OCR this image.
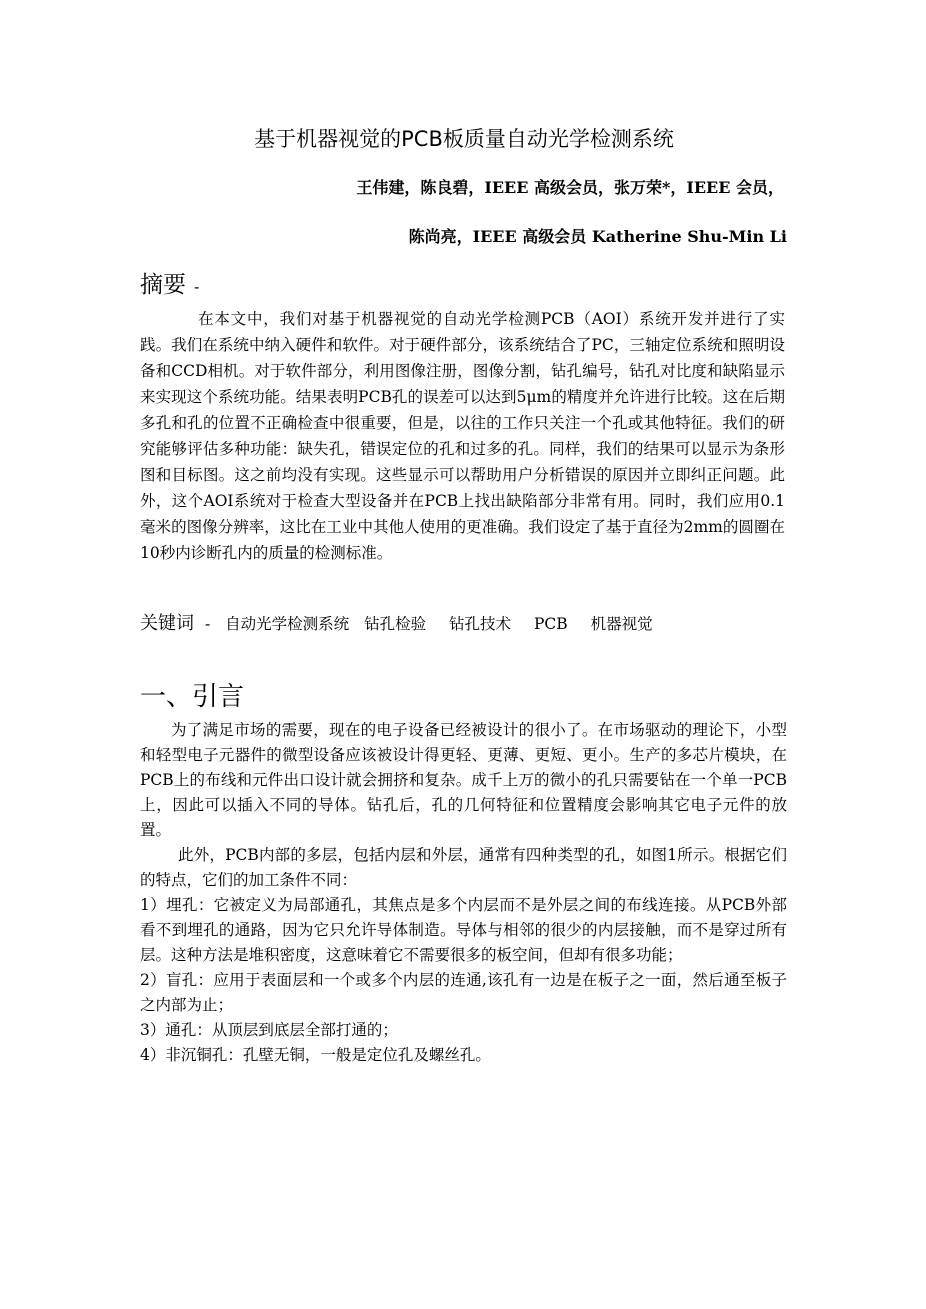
基于机器视觉的PCB板质量自动光学检测系统
王伟建，陈良碧，IEEE 高级会员，张万荣*，IEEE 会员，
陈尚亮，IEEE 高级会员 Katherine Shu-Min Li
摘要 -
在本文中，我们对基于机器视觉的自动光学检测PCB（AOI）系统开发并进行了实践。我们在系统中纳入硬件和软件。对于硬件部分，该系统结合了PC，三轴定位系统和照明设备和CCD相机。对于软件部分，利用图像注册，图像分割，钻孔编号，钻孔对比度和缺陷显示来实现这个系统功能。结果表明PCB孔的误差可以达到5μm的精度并允许进行比较。这在后期多孔和孔的位置不正确检查中很重要，但是，以往的工作只关注一个孔或其他特征。我们的研究能够评估多种功能：缺失孔，错误定位的孔和过多的孔。同样，我们的结果可以显示为条形图和目标图。这之前均没有实现。这些显示可以帮助用户分析错误的原因并立即纠正问题。此外，这个AOI系统对于检查大型设备并在PCB上找出缺陷部分非常有用。同时，我们应用0.1毫米的图像分辨率，这比在工业中其他人使用的更准确。我们设定了基于直径为2mm的圆圈在10秒内诊断孔内的质量的检测标准。
关键词 - 自动光学检测系统 钻孔检验 钻孔技术 PCB 机器视觉
一、引言

为了满足市场的需要，现在的电子设备已经被设计的很小了。在市场驱动的理论下，小型和轻型电子元器件的微型设备应该被设计得更轻、更薄、更短、更小。生产的多芯片模块，在PCB上的布线和元件出口设计就会拥挤和复杂。成千上万的微小的孔只需要钻在一个单一PCB上，因此可以插入不同的导体。钻孔后，孔的几何特征和位置精度会影响其它电子元件的放置。

此外，PCB内部的多层，包括内层和外层，通常有四种类型的孔，如图1所示。根据它们的特点，它们的加工条件不同：

1）埋孔：它被定义为局部通孔，其焦点是多个内层而不是外层之间的布线连接。从PCB外部看不到埋孔的通路，因为它只允许导体制造。导体与相邻的很少的内层接触，而不是穿过所有层。这种方法是堆积密度，这意味着它不需要很多的板空间，但却有很多功能；

2）盲孔：应用于表面层和一个或多个内层的连通,该孔有一边是在板子之一面，然后通至板子之内部为止；

3）通孔：从顶层到底层全部打通的；

4）非沉铜孔：孔壁无铜，一般是定位孔及螺丝孔。
